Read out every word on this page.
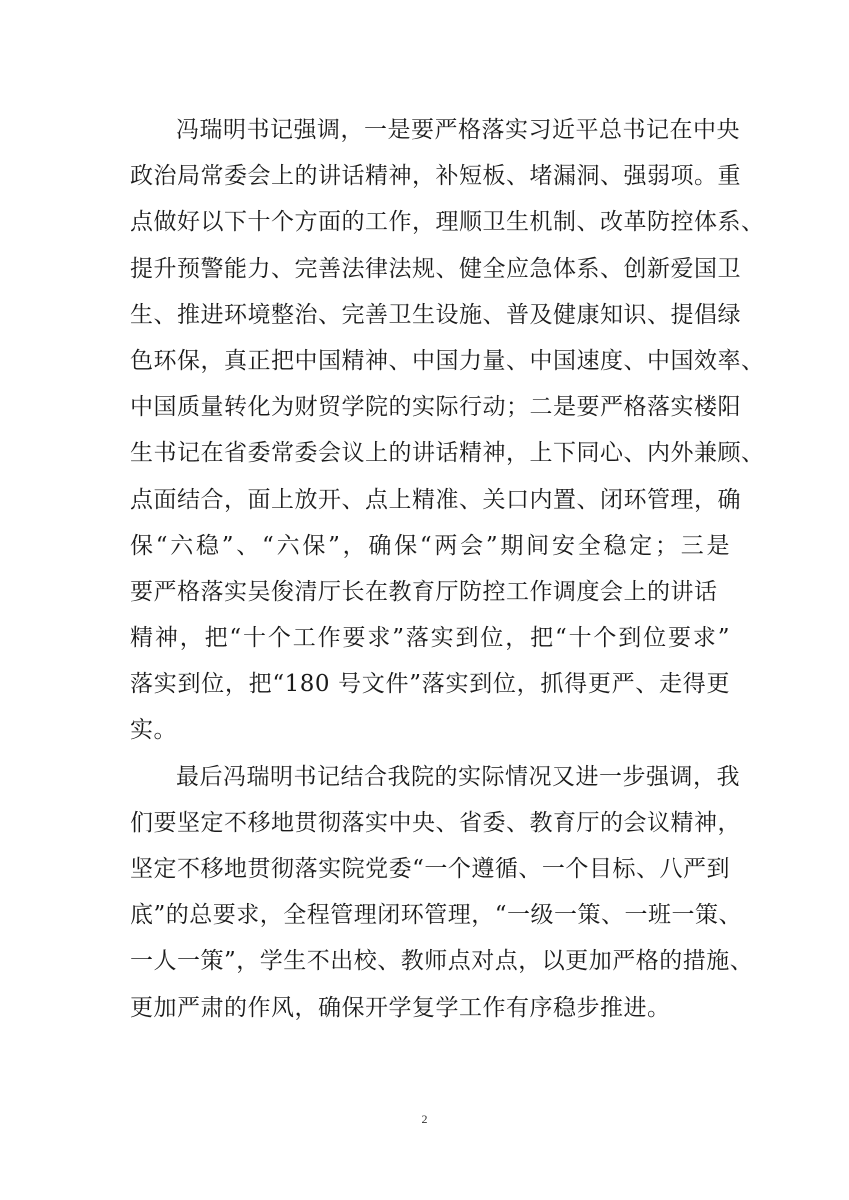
冯瑞明书记强调，一是要严格落实习近平总书记在中央
政治局常委会上的讲话精神，补短板、堵漏洞、强弱项。重
点做好以下十个方面的工作，理顺卫生机制、改革防控体系、
提升预警能力、完善法律法规、健全应急体系、创新爱国卫
生、推进环境整治、完善卫生设施、普及健康知识、提倡绿
色环保，真正把中国精神、中国力量、中国速度、中国效率、
中国质量转化为财贸学院的实际行动；二是要严格落实楼阳
生书记在省委常委会议上的讲话精神，上下同心、内外兼顾、
点面结合，面上放开、点上精准、关口内置、闭环管理，确
保“六稳”、“六保”，确保“两会”期间安全稳定；三是
要严格落实吴俊清厅长在教育厅防控工作调度会上的讲话
精神，把“十个工作要求”落实到位，把“十个到位要求”
落实到位，把“180 号文件”落实到位，抓得更严、走得更
实。
最后冯瑞明书记结合我院的实际情况又进一步强调，我
们要坚定不移地贯彻落实中央、省委、教育厅的会议精神，
坚定不移地贯彻落实院党委“一个遵循、一个目标、八严到
底”的总要求，全程管理闭环管理，“一级一策、一班一策、
一人一策”，学生不出校、教师点对点，以更加严格的措施、
更加严肃的作风，确保开学复学工作有序稳步推进。
2
